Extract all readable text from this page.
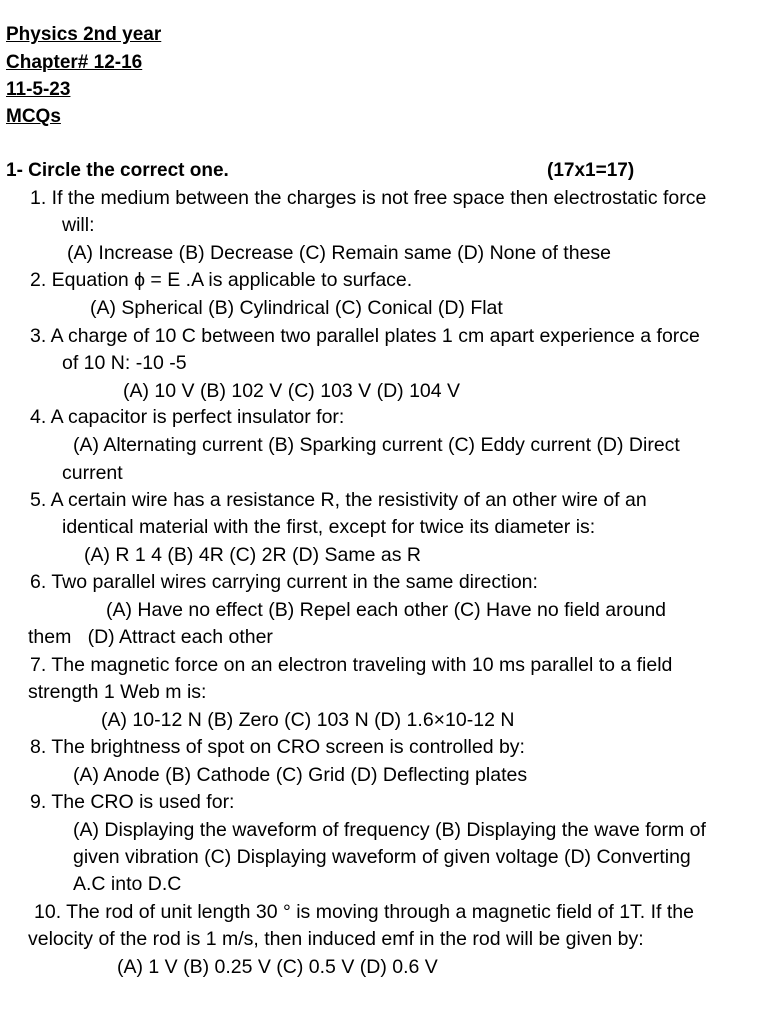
Physics 2nd year
Chapter# 12-16
11-5-23
MCQs
1- Circle the correct one.	(17x1=17)
1. If the medium between the charges is not free space then electrostatic force
will:
(A) Increase (B) Decrease (C) Remain same (D) None of these
2. Equation ϕ = E .A is applicable to surface.
(A) Spherical (B) Cylindrical (C) Conical (D) Flat
3. A charge of 10 C between two parallel plates 1 cm apart experience a force
of 10 N: -10 -5
(A) 10 V (B) 102 V (C) 103 V (D) 104 V
4. A capacitor is perfect insulator for:
(A) Alternating current (B) Sparking current (C) Eddy current (D) Direct
current
5. A certain wire has a resistance R, the resistivity of an other wire of an
identical material with the first, except for twice its diameter is:
(A) R 1 4 (B) 4R (C) 2R (D) Same as R
6. Two parallel wires carrying current in the same direction:
(A) Have no effect (B) Repel each other (C) Have no field around
them   (D) Attract each other
7. The magnetic force on an electron traveling with 10 ms parallel to a field
strength 1 Web m is:
(A) 10-12 N (B) Zero (C) 103 N (D) 1.6×10-12 N
8. The brightness of spot on CRO screen is controlled by:
(A) Anode (B) Cathode (C) Grid (D) Deflecting plates
9. The CRO is used for:
(A) Displaying the waveform of frequency (B) Displaying the wave form of
given vibration (C) Displaying waveform of given voltage (D) Converting
A.C into D.C
10. The rod of unit length 30 ° is moving through a magnetic field of 1T. If the
velocity of the rod is 1 m/s, then induced emf in the rod will be given by:
(A) 1 V (B) 0.25 V (C) 0.5 V (D) 0.6 V
